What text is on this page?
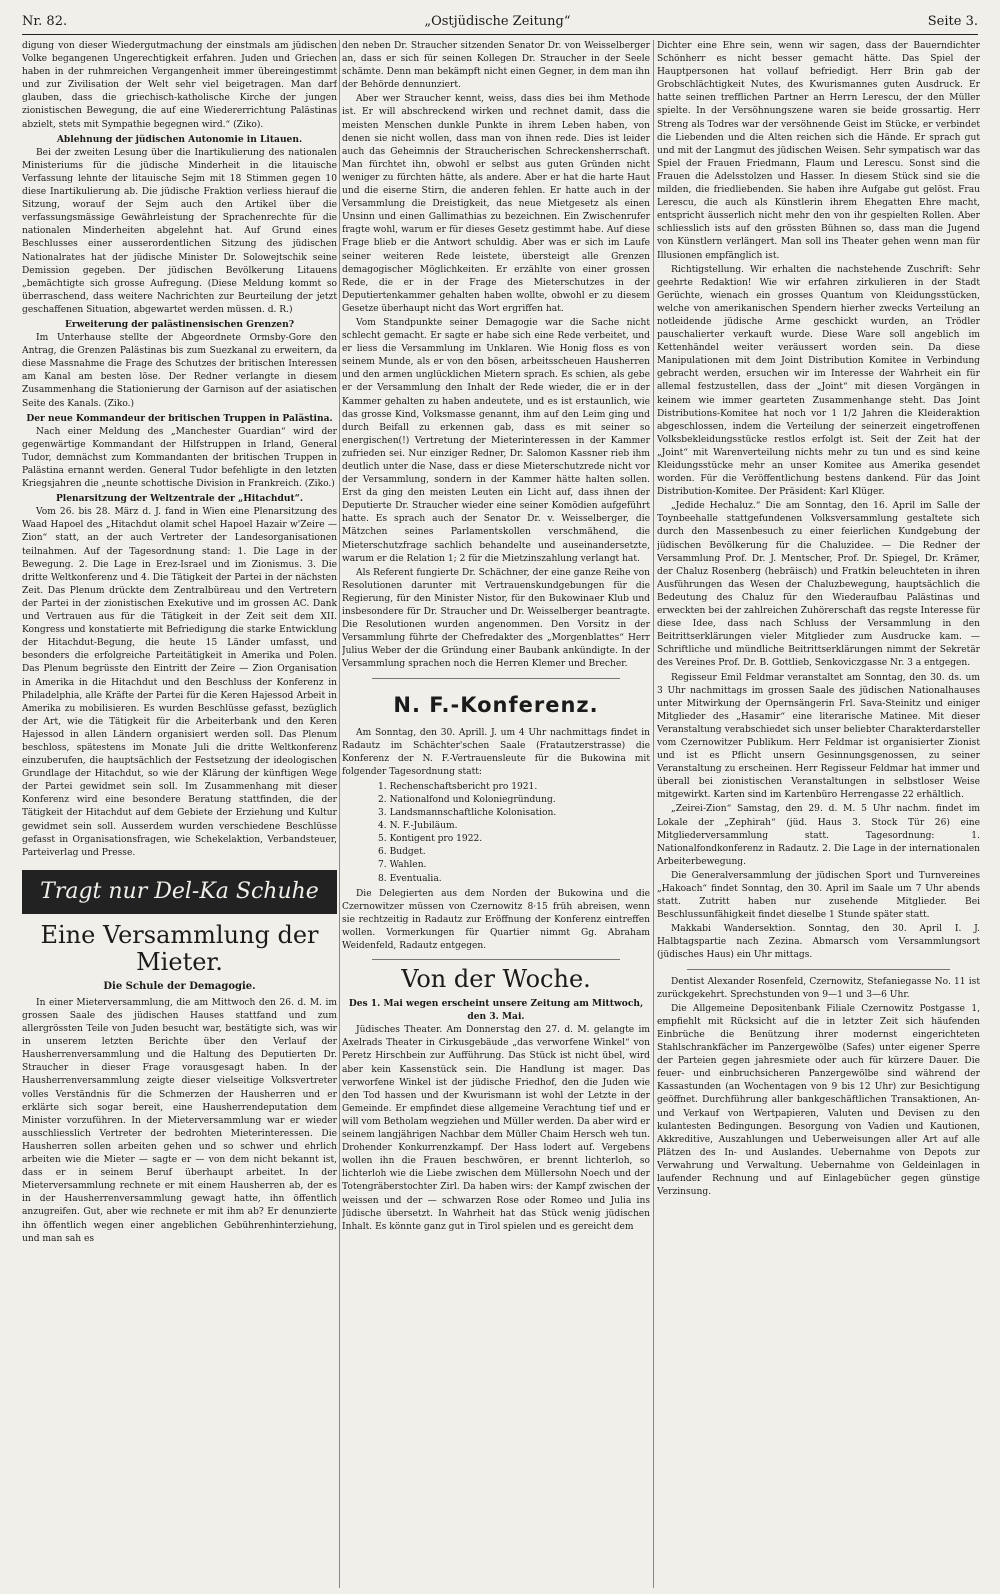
Nr. 82.	„Ostjüdische Zeitung“	Seite 3.

digung von dieser Wiedergutmachung der einstmals am jüdischen Volke begangenen Ungerechtigkeit erfahren. Juden und Griechen haben in der ruhmreichen Vergangenheit immer übereingestimmt und zur Zivilisation der Welt sehr viel beigetragen. Man darf glauben, dass die griechisch-katholische Kirche der jungen zionistischen Bewegung, die auf eine Wiedererrichtung Palästinas abzielt, stets mit Sympathie begegnen wird.“ (Ziko).

Ablehnung der jüdischen Autonomie in Litauen.

Bei der zweiten Lesung über die Inartikulierung des nationalen Ministeriums für die jüdische Minderheit in die litauische Verfassung lehnte der litauische Sejm mit 18 Stimmen gegen 10 diese Inartikulierung ab. Die jüdische Fraktion verliess hierauf die Sitzung, worauf der Sejm auch den Artikel über die verfassungsmässige Gewährleistung der Sprachenrechte für die nationalen Minderheiten abgelehnt hat. Auf Grund eines Beschlusses einer ausserordentlichen Sitzung des jüdischen Nationalrates hat der jüdische Minister Dr. Solowejtschik seine Demission gegeben. Der jüdischen Bevölkerung Litauens „bemächtigte sich grosse Aufregung. (Diese Meldung kommt so überraschend, dass weitere Nachrichten zur Beurteilung der jetzt geschaffenen Situation, abgewartet werden müssen. d. R.)

Erweiterung der palästinensischen Grenzen?

Im Unterhause stellte der Abgeordnete Ormsby-Gore den Antrag, die Grenzen Palästinas bis zum Suezkanal zu erweitern, da diese Massnahme die Frage des Schutzes der britischen Interessen am Kanal am besten löse. Der Redner verlangte in diesem Zusammenhang die Stationierung der Garnison auf der asiatischen Seite des Kanals. (Ziko.)

Der neue Kommandeur der britischen Truppen in Palästina.

Nach einer Meldung des „Manchester Guardian“ wird der gegenwärtige Kommandant der Hilfstruppen in Irland, General Tudor, demnächst zum Kommandanten der britischen Truppen in Palästina ernannt werden. General Tudor befehligte in den letzten Kriegsjahren die „neunte schottische Division in Frankreich. (Ziko.)

Plenarsitzung der Weltzentrale der „Hitachdut“.

Vom 26. bis 28. März d. J. fand in Wien eine Plenarsitzung des Waad Hapoel des „Hitachdut olamit schel Hapoel Hazair w'Zeire — Zion“ statt, an der auch Vertreter der Landesorganisationen teilnahmen. Auf der Tagesordnung stand: 1. Die Lage in der Bewegung. 2. Die Lage in Erez-Israel und im Zionismus. 3. Die dritte Weltkonferenz und 4. Die Tätigkeit der Partei in der nächsten Zeit. Das Plenum drückte dem Zentralbüreau und den Vertretern der Partei in der zionistischen Exekutive und im grossen AC. Dank und Vertrauen aus für die Tätigkeit in der Zeit seit dem XII. Kongress und konstatierte mit Befriedigung die starke Entwicklung der Hitachdut-Begung, die heute 15 Länder umfasst, und besonders die erfolgreiche Parteitätigkeit in Amerika und Polen. Das Plenum begrüsste den Eintritt der Zeire — Zion Organisation in Amerika in die Hitachdut und den Beschluss der Konferenz in Philadelphia, alle Kräfte der Partei für die Keren Hajessod Arbeit in Amerika zu mobilisieren. Es wurden Beschlüsse gefasst, bezüglich der Art, wie die Tätigkeit für die Arbeiterbank und den Keren Hajessod in allen Ländern organisiert werden soll. Das Plenum beschloss, spätestens im Monate Juli die dritte Weltkonferenz einzuberufen, die hauptsächlich der Festsetzung der ideologischen Grundlage der Hitachdut, so wie der Klärung der künftigen Wege der Partei gewidmet sein soll. Im Zusammenhang mit dieser Konferenz wird eine besondere Beratung stattfinden, die der Tätigkeit der Hitachdut auf dem Gebiete der Erziehung und Kultur gewidmet sein soll. Ausserdem wurden verschiedene Beschlüsse gefasst in Organisationsfragen, wie Schekelaktion, Verbandsteuer, Parteiverlag und Presse.

Tragt nur Del-Ka Schuhe
Eine Versammlung der Mieter.
Die Schule der Demagogie.

In einer Mieterversammlung, die am Mittwoch den 26. d. M. im grossen Saale des jüdischen Hauses stattfand und zum allergrössten Teile von Juden besucht war, bestätigte sich, was wir in unserem letzten Berichte über den Verlauf der Hausherrenversammlung und die Haltung des Deputierten Dr. Straucher in dieser Frage vorausgesagt haben. In der Hausherrenversammlung zeigte dieser vielseitige Volksvertreter volles Verständnis für die Schmerzen der Hausherren und er erklärte sich sogar bereit, eine Hausherrendeputation dem Minister vorzuführen. In der Mieterversammlung war er wieder ausschliesslich Vertreter der bedrohten Mieterinteressen. Die Hausherren sollen arbeiten gehen und so schwer und ehrlich arbeiten wie die Mieter — sagte er — von dem nicht bekannt ist, dass er in seinem Beruf überhaupt arbeitet. In der Mieterversammlung rechnete er mit einem Hausherren ab, der es in der Hausherrenversammlung gewagt hatte, ihn öffentlich anzugreifen. Gut, aber wie rechnete er mit ihm ab? Er denunzierte ihn öffentlich wegen einer angeblichen Gebührenhinterziehung, und man sah es

den neben Dr. Straucher sitzenden Senator Dr. von Weisselberger an, dass er sich für seinen Kollegen Dr. Straucher in der Seele schämte. Denn man bekämpft nicht einen Gegner, in dem man ihn der Behörde dennunziert.

Aber wer Straucher kennt, weiss, dass dies bei ihm Methode ist. Er will abschreckend wirken und rechnet damit, dass die meisten Menschen dunkle Punkte in ihrem Leben haben, von denen sie nicht wollen, dass man von ihnen rede. Dies ist leider auch das Geheimnis der Straucherischen Schreckensherrschaft. Man fürchtet ihn, obwohl er selbst aus guten Gründen nicht weniger zu fürchten hätte, als andere. Aber er hat die harte Haut und die eiserne Stirn, die anderen fehlen. Er hatte auch in der Versammlung die Dreistigkeit, das neue Mietgesetz als einen Unsinn und einen Gallimathias zu bezeichnen. Ein Zwischenrufer fragte wohl, warum er für dieses Gesetz gestimmt habe. Auf diese Frage blieb er die Antwort schuldig. Aber was er sich im Laufe seiner weiteren Rede leistete, übersteigt alle Grenzen demagogischer Möglichkeiten. Er erzählte von einer grossen Rede, die er in der Frage des Mieterschutzes in der Deputiertenkammer gehalten haben wollte, obwohl er zu diesem Gesetze überhaupt nicht das Wort ergriffen hat.

Vom Standpunkte seiner Demagogie war die Sache nicht schlecht gemacht. Er sagte er habe sich eine Rede verbeitet, und er liess die Versammlung im Unklaren. Wie Honig floss es von seinem Munde, als er von den bösen, arbeitsscheuen Hausherren und den armen unglücklichen Mietern sprach. Es schien, als gebe er der Versammlung den Inhalt der Rede wieder, die er in der Kammer gehalten zu haben andeutete, und es ist erstaunlich, wie das grosse Kind, Volksmasse genannt, ihm auf den Leim ging und durch Beifall zu erkennen gab, dass es mit seiner so energischen(!) Vertretung der Mieterinteressen in der Kammer zufrieden sei. Nur einziger Redner, Dr. Salomon Kassner rieb ihm deutlich unter die Nase, dass er diese Mieterschutzrede nicht vor der Versammlung, sondern in der Kammer hätte halten sollen. Erst da ging den meisten Leuten ein Licht auf, dass ihnen der Deputierte Dr. Straucher wieder eine seiner Komödien aufgeführt hatte. Es sprach auch der Senator Dr. v. Weisselberger, die Mätzchen seines Parlamentskollen verschmähend, die Mieterschutzfrage sachlich behandelte und auseinandersetzte, warum er die Relation 1; 2 für die Mietzinszahlung verlangt hat.

Als Referent fungierte Dr. Schächner, der eine ganze Reihe von Resolutionen darunter mit Vertrauenskundgebungen für die Regierung, für den Minister Nistor, für den Bukowinaer Klub und insbesondere für Dr. Straucher und Dr. Weisselberger beantragte. Die Resolutionen wurden angenommen. Den Vorsitz in der Versammlung führte der Chefredakter des „Morgenblattes“ Herr Julius Weber der die Gründung einer Baubank ankündigte. In der Versammlung sprachen noch die Herren Klemer und Brecher.

N. F.-Konferenz.

Am Sonntag, den 30. Aprill. J. um 4 Uhr nachmittags findet in Radautz im Schächter'schen Saale (Fratautzerstrasse) die Konferenz der N. F.-Vertrauensleute für die Bukowina mit folgender Tagesordnung statt:

1. Rechenschaftsbericht pro 1921.
2. Nationalfond und Koloniegründung.
3. Landsmannschaftliche Kolonisation.
4. N. F.-Jubiläum.
5. Kontigent pro 1922.
6. Budget.
7. Wahlen.
8. Eventualia.

Die Delegierten aus dem Norden der Bukowina und die Czernowitzer müssen von Czernowitz 8·15 früh abreisen, wenn sie rechtzeitig in Radautz zur Eröffnung der Konferenz eintreffen wollen. Vormerkungen für Quartier nimmt Gg. Abraham Weidenfeld, Radautz entgegen.

Von der Woche.

Des 1. Mai wegen erscheint unsere Zeitung am Mittwoch, den 3. Mai.

Jüdisches Theater. Am Donnerstag den 27. d. M. gelangte im Axelrads Theater in Cirkusgebäude „das verworfene Winkel“ von Peretz Hirschbein zur Aufführung. Das Stück ist nicht übel, wird aber kein Kassenstück sein. Die Handlung ist mager. Das verworfene Winkel ist der jüdische Friedhof, den die Juden wie den Tod hassen und der Kwurismann ist wohl der Letzte in der Gemeinde. Er empfindet diese allgemeine Verachtung tief und er will vom Betholam wegziehen und Müller werden. Da aber wird er seinem langjährigen Nachbar dem Müller Chaim Hersch weh tun. Drohender Konkurrenzkampf. Der Hass lodert auf. Vergebens wollen ihn die Frauen beschwören, er brennt lichterloh, so lichterloh wie die Liebe zwischen dem Müllersohn Noech und der Totengräberstochter Zirl. Da haben wirs: der Kampf zwischen der weissen und der — schwarzen Rose oder Romeo und Julia ins Jüdische übersetzt. In Wahrheit hat das Stück wenig jüdischen Inhalt. Es könnte ganz gut in Tirol spielen und es gereicht dem

Dichter eine Ehre sein, wenn wir sagen, dass der Bauerndichter Schönherr es nicht besser gemacht hätte. Das Spiel der Hauptpersonen hat vollauf befriedigt. Herr Brin gab der Grobschlächtigkeit Nutes, des Kwurismannes guten Ausdruck. Er hatte seinen trefflichen Partner an Herrn Lerescu, der den Müller spielte. In der Versöhnungszene waren sie beide grossartig. Herr Streng als Todres war der versöhnende Geist im Stücke, er verbindet die Liebenden und die Alten reichen sich die Hände. Er sprach gut und mit der Langmut des jüdischen Weisen. Sehr sympatisch war das Spiel der Frauen Friedmann, Flaum und Lerescu. Sonst sind die Frauen die Adelsstolzen und Hasser. In diesem Stück sind sie die milden, die friedliebenden. Sie haben ihre Aufgabe gut gelöst. Frau Lerescu, die auch als Künstlerin ihrem Ehegatten Ehre macht, entspricht äusserlich nicht mehr den von ihr gespielten Rollen. Aber schliesslich ists auf den grössten Bühnen so, dass man die Jugend von Künstlern verlängert. Man soll ins Theater gehen wenn man für Illusionen empfänglich ist.

Richtigstellung. Wir erhalten die nachstehende Zuschrift: Sehr geehrte Redaktion! Wie wir erfahren zirkulieren in der Stadt Gerüchte, wienach ein grosses Quantum von Kleidungsstücken, welche von amerikanischen Spendern hierher zwecks Verteilung an notleidende jüdische Arme geschickt wurden, an Trödler pauschalierter verkauft wurde. Diese Ware soll angeblich im Kettenhändel weiter veräussert worden sein. Da diese Manipulationen mit dem Joint Distribution Komitee in Verbindung gebracht werden, ersuchen wir im Interesse der Wahrheit ein für allemal festzustellen, dass der „Joint“ mit diesen Vorgängen in keinem wie immer gearteten Zusammenhange steht. Das Joint Distributions-Komitee hat noch vor 1 1/2 Jahren die Kleideraktion abgeschlossen, indem die Verteilung der seinerzeit eingetroffenen Volksbekleidungsstücke restlos erfolgt ist. Seit der Zeit hat der „Joint“ mit Warenverteilung nichts mehr zu tun und es sind keine Kleidungsstücke mehr an unser Komitee aus Amerika gesendet worden. Für die Veröffentlichung bestens dankend. Für das Joint Distribution-Komitee. Der Präsident: Karl Klüger.

„Jedide Hechaluz.“ Die am Sonntag, den 16. April im Salle der Toynbeehalle stattgefundenen Volksversammlung gestaltete sich durch den Massenbesuch zu einer feierlichen Kundgebung der jüdischen Bevölkerung für die Chaluzidee. — Die Redner der Versammlung Prof. Dr. J. Mentscher, Prof. Dr. Spiegel, Dr. Krämer, der Chaluz Rosenberg (hebräisch) und Fratkin beleuchteten in ihren Ausführungen das Wesen der Chaluzbewegung, hauptsächlich die Bedeutung des Chaluz für den Wiederaufbau Palästinas und erweckten bei der zahlreichen Zuhörerschaft das regste Interesse für diese Idee, dass nach Schluss der Versammlung in den Beitrittserklärungen vieler Mitglieder zum Ausdrucke kam. — Schriftliche und mündliche Beitrittserklärungen nimmt der Sekretär des Vereines Prof. Dr. B. Gottlieb, Senkoviczgasse Nr. 3 a entgegen.

Regisseur Emil Feldmar veranstaltet am Sonntag, den 30. ds. um 3 Uhr nachmittags im grossen Saale des jüdischen Nationalhauses unter Mitwirkung der Opernsängerin Frl. Sava-Steinitz und einiger Mitglieder des „Hasamir“ eine literarische Matinee. Mit dieser Veranstaltung verabschiedet sich unser beliebter Charakterdarsteller vom Czernowitzer Publikum. Herr Feldmar ist organisierter Zionist und ist es Pflicht unsern Gesinnungsgenossen, zu seiner Veranstaltung zu erscheinen. Herr Regisseur Feldmar hat immer und überall bei zionistischen Veranstaltungen in selbstloser Weise mitgewirkt. Karten sind im Kartenbüro Herrengasse 22 erhältlich.

„Zeirei-Zion“ Samstag, den 29. d. M. 5 Uhr nachm. findet im Lokale der „Zephirah“ (jüd. Haus 3. Stock Tür 26) eine Mitgliederversammlung statt. Tagesordnung: 1. Nationalfondkonferenz in Radautz. 2. Die Lage in der internationalen Arbeiterbewegung.

Die Generalversammlung der jüdischen Sport und Turnvereines „Hakoach“ findet Sonntag, den 30. April im Saale um 7 Uhr abends statt. Zutritt haben nur zusehende Mitglieder. Bei Beschlussunfähigkeit findet dieselbe 1 Stunde später statt.

Makkabi Wandersektion. Sonntag, den 30. April I. J. Halbtagspartie nach Zezina. Abmarsch vom Versammlungsort (jüdisches Haus) ein Uhr mittags.

Dentist Alexander Rosenfeld, Czernowitz, Stefaniegasse No. 11 ist zurückgekehrt. Sprechstunden von 9—1 und 3—6 Uhr.

Die Allgemeine Depositenbank Filiale Czernowitz Postgasse 1, empfiehlt mit Rücksicht auf die in letzter Zeit sich häufenden Einbrüche die Benützung ihrer modernst eingerichteten Stahlschrankfächer im Panzergewölbe (Safes) unter eigener Sperre der Parteien gegen jahresmiete oder auch für kürzere Dauer. Die feuer- und einbruchsicheren Panzergewölbe sind während der Kassastunden (an Wochentagen von 9 bis 12 Uhr) zur Besichtigung geöffnet. Durchführung aller bankgeschäftlichen Transaktionen, An- und Verkauf von Wertpapieren, Valuten und Devisen zu den kulantesten Bedingungen. Besorgung von Vadien und Kautionen, Akkreditive, Auszahlungen und Ueberweisungen aller Art auf alle Plätzen des In- und Auslandes. Uebernahme von Depots zur Verwahrung und Verwaltung. Uebernahme von Geldeinlagen in laufender Rechnung und auf Einlagebücher gegen günstige Verzinsung.
